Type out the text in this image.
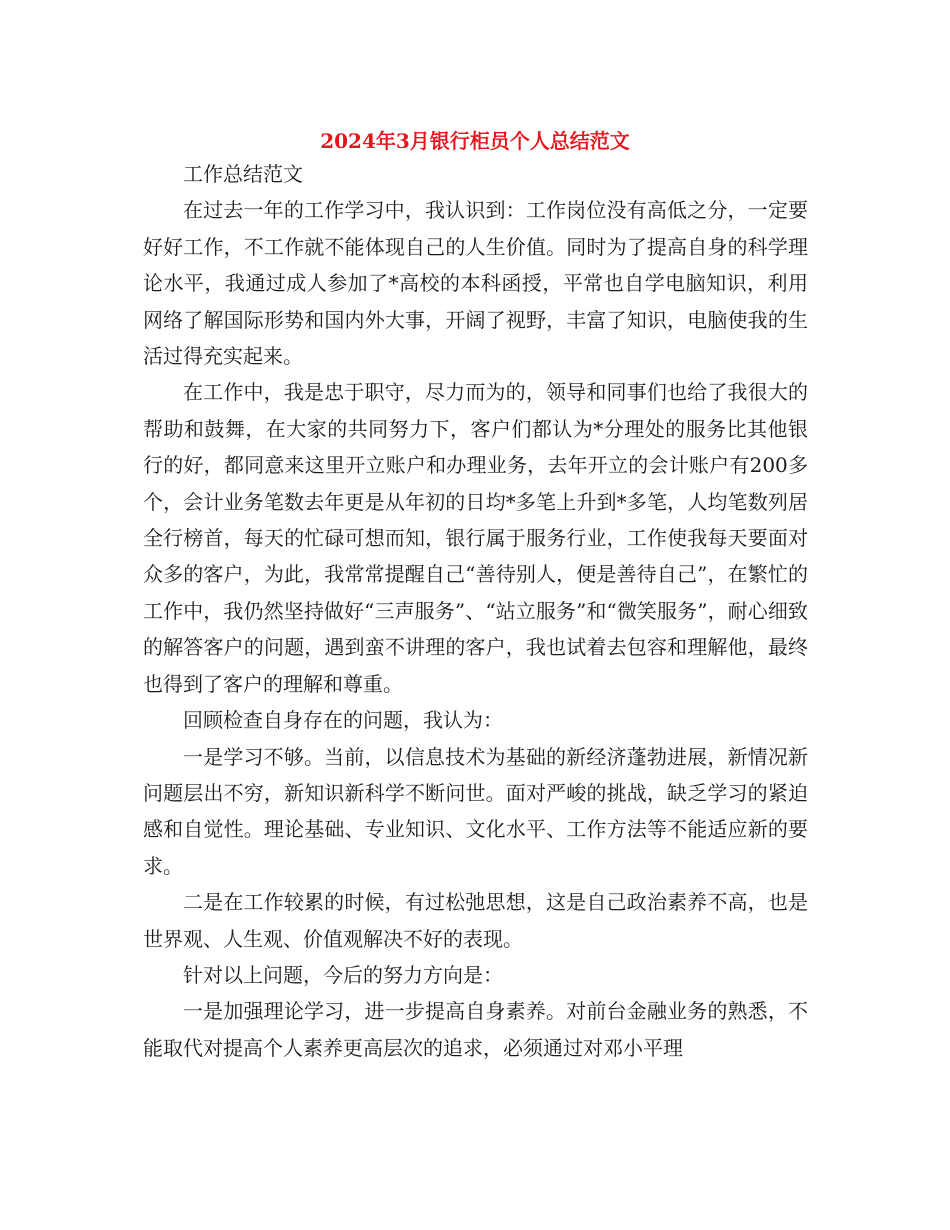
2024年3月银行柜员个人总结范文

工作总结范文

在过去一年的工作学习中，我认识到：工作岗位没有高低之分，一定要好好工作，不工作就不能体现自己的人生价值。同时为了提高自身的科学理论水平，我通过成人参加了*高校的本科函授，平常也自学电脑知识，利用网络了解国际形势和国内外大事，开阔了视野，丰富了知识，电脑使我的生活过得充实起来。

在工作中，我是忠于职守，尽力而为的，领导和同事们也给了我很大的帮助和鼓舞，在大家的共同努力下，客户们都认为*分理处的服务比其他银行的好，都同意来这里开立账户和办理业务，去年开立的会计账户有200多个，会计业务笔数去年更是从年初的日均*多笔上升到*多笔，人均笔数列居全行榜首，每天的忙碌可想而知，银行属于服务行业，工作使我每天要面对众多的客户，为此，我常常提醒自己“善待别人，便是善待自己”，在繁忙的工作中，我仍然坚持做好“三声服务”、“站立服务”和“微笑服务”，耐心细致的解答客户的问题，遇到蛮不讲理的客户，我也试着去包容和理解他，最终也得到了客户的理解和尊重。

回顾检查自身存在的问题，我认为：

一是学习不够。当前，以信息技术为基础的新经济蓬勃进展，新情况新问题层出不穷，新知识新科学不断问世。面对严峻的挑战，缺乏学习的紧迫感和自觉性。理论基础、专业知识、文化水平、工作方法等不能适应新的要求。

二是在工作较累的时候，有过松弛思想，这是自己政治素养不高，也是世界观、人生观、价值观解决不好的表现。

针对以上问题，今后的努力方向是：

一是加强理论学习，进一步提高自身素养。对前台金融业务的熟悉，不能取代对提高个人素养更高层次的追求，必须通过对邓小平理
